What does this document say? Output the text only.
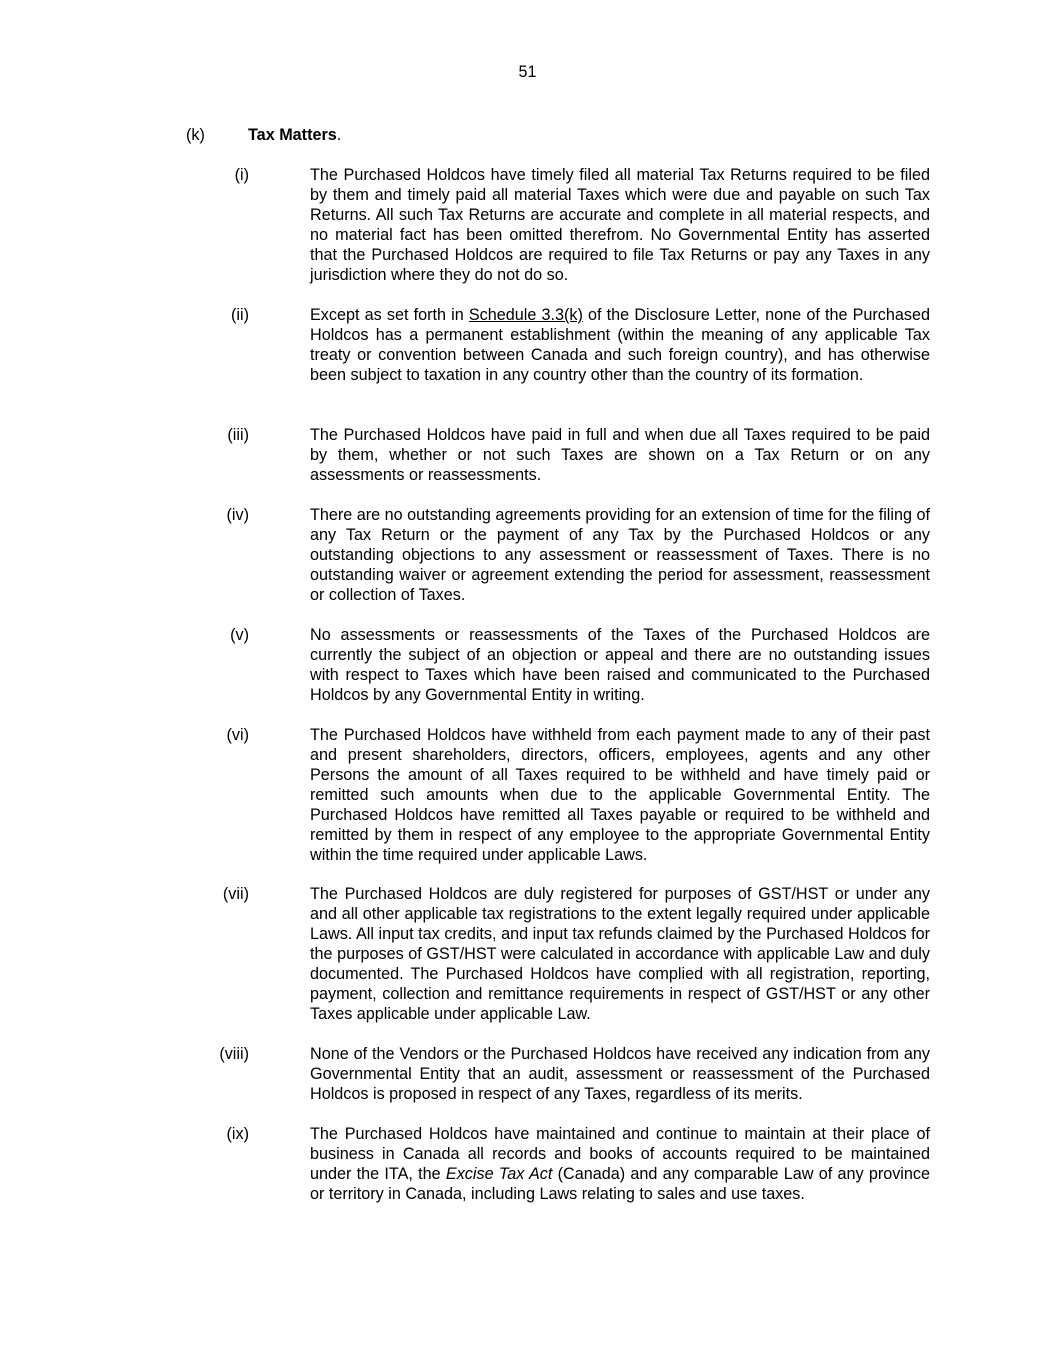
51
(k)	Tax Matters.
(i)	The Purchased Holdcos have timely filed all material Tax Returns required to be filed by them and timely paid all material Taxes which were due and payable on such Tax Returns. All such Tax Returns are accurate and complete in all material respects, and no material fact has been omitted therefrom. No Governmental Entity has asserted that the Purchased Holdcos are required to file Tax Returns or pay any Taxes in any jurisdiction where they do not do so.

(ii)	Except as set forth in Schedule 3.3(k) of the Disclosure Letter, none of the Purchased Holdcos has a permanent establishment (within the meaning of any applicable Tax treaty or convention between Canada and such foreign country), and has otherwise been subject to taxation in any country other than the country of its formation.

(iii)	The Purchased Holdcos have paid in full and when due all Taxes required to be paid by them, whether or not such Taxes are shown on a Tax Return or on any assessments or reassessments.

(iv)	There are no outstanding agreements providing for an extension of time for the filing of any Tax Return or the payment of any Tax by the Purchased Holdcos or any outstanding objections to any assessment or reassessment of Taxes. There is no outstanding waiver or agreement extending the period for assessment, reassessment or collection of Taxes.

(v)	No assessments or reassessments of the Taxes of the Purchased Holdcos are currently the subject of an objection or appeal and there are no outstanding issues with respect to Taxes which have been raised and communicated to the Purchased Holdcos by any Governmental Entity in writing.

(vi)	The Purchased Holdcos have withheld from each payment made to any of their past and present shareholders, directors, officers, employees, agents and any other Persons the amount of all Taxes required to be withheld and have timely paid or remitted such amounts when due to the applicable Governmental Entity. The Purchased Holdcos have remitted all Taxes payable or required to be withheld and remitted by them in respect of any employee to the appropriate Governmental Entity within the time required under applicable Laws.

(vii)	The Purchased Holdcos are duly registered for purposes of GST/HST or under any and all other applicable tax registrations to the extent legally required under applicable Laws. All input tax credits, and input tax refunds claimed by the Purchased Holdcos for the purposes of GST/HST were calculated in accordance with applicable Law and duly documented. The Purchased Holdcos have complied with all registration, reporting, payment, collection and remittance requirements in respect of GST/HST or any other Taxes applicable under applicable Law.

(viii)	None of the Vendors or the Purchased Holdcos have received any indication from any Governmental Entity that an audit, assessment or reassessment of the Purchased Holdcos is proposed in respect of any Taxes, regardless of its merits.

(ix)	The Purchased Holdcos have maintained and continue to maintain at their place of business in Canada all records and books of accounts required to be maintained under the ITA, the Excise Tax Act (Canada) and any comparable Law of any province or territory in Canada, including Laws relating to sales and use taxes.
